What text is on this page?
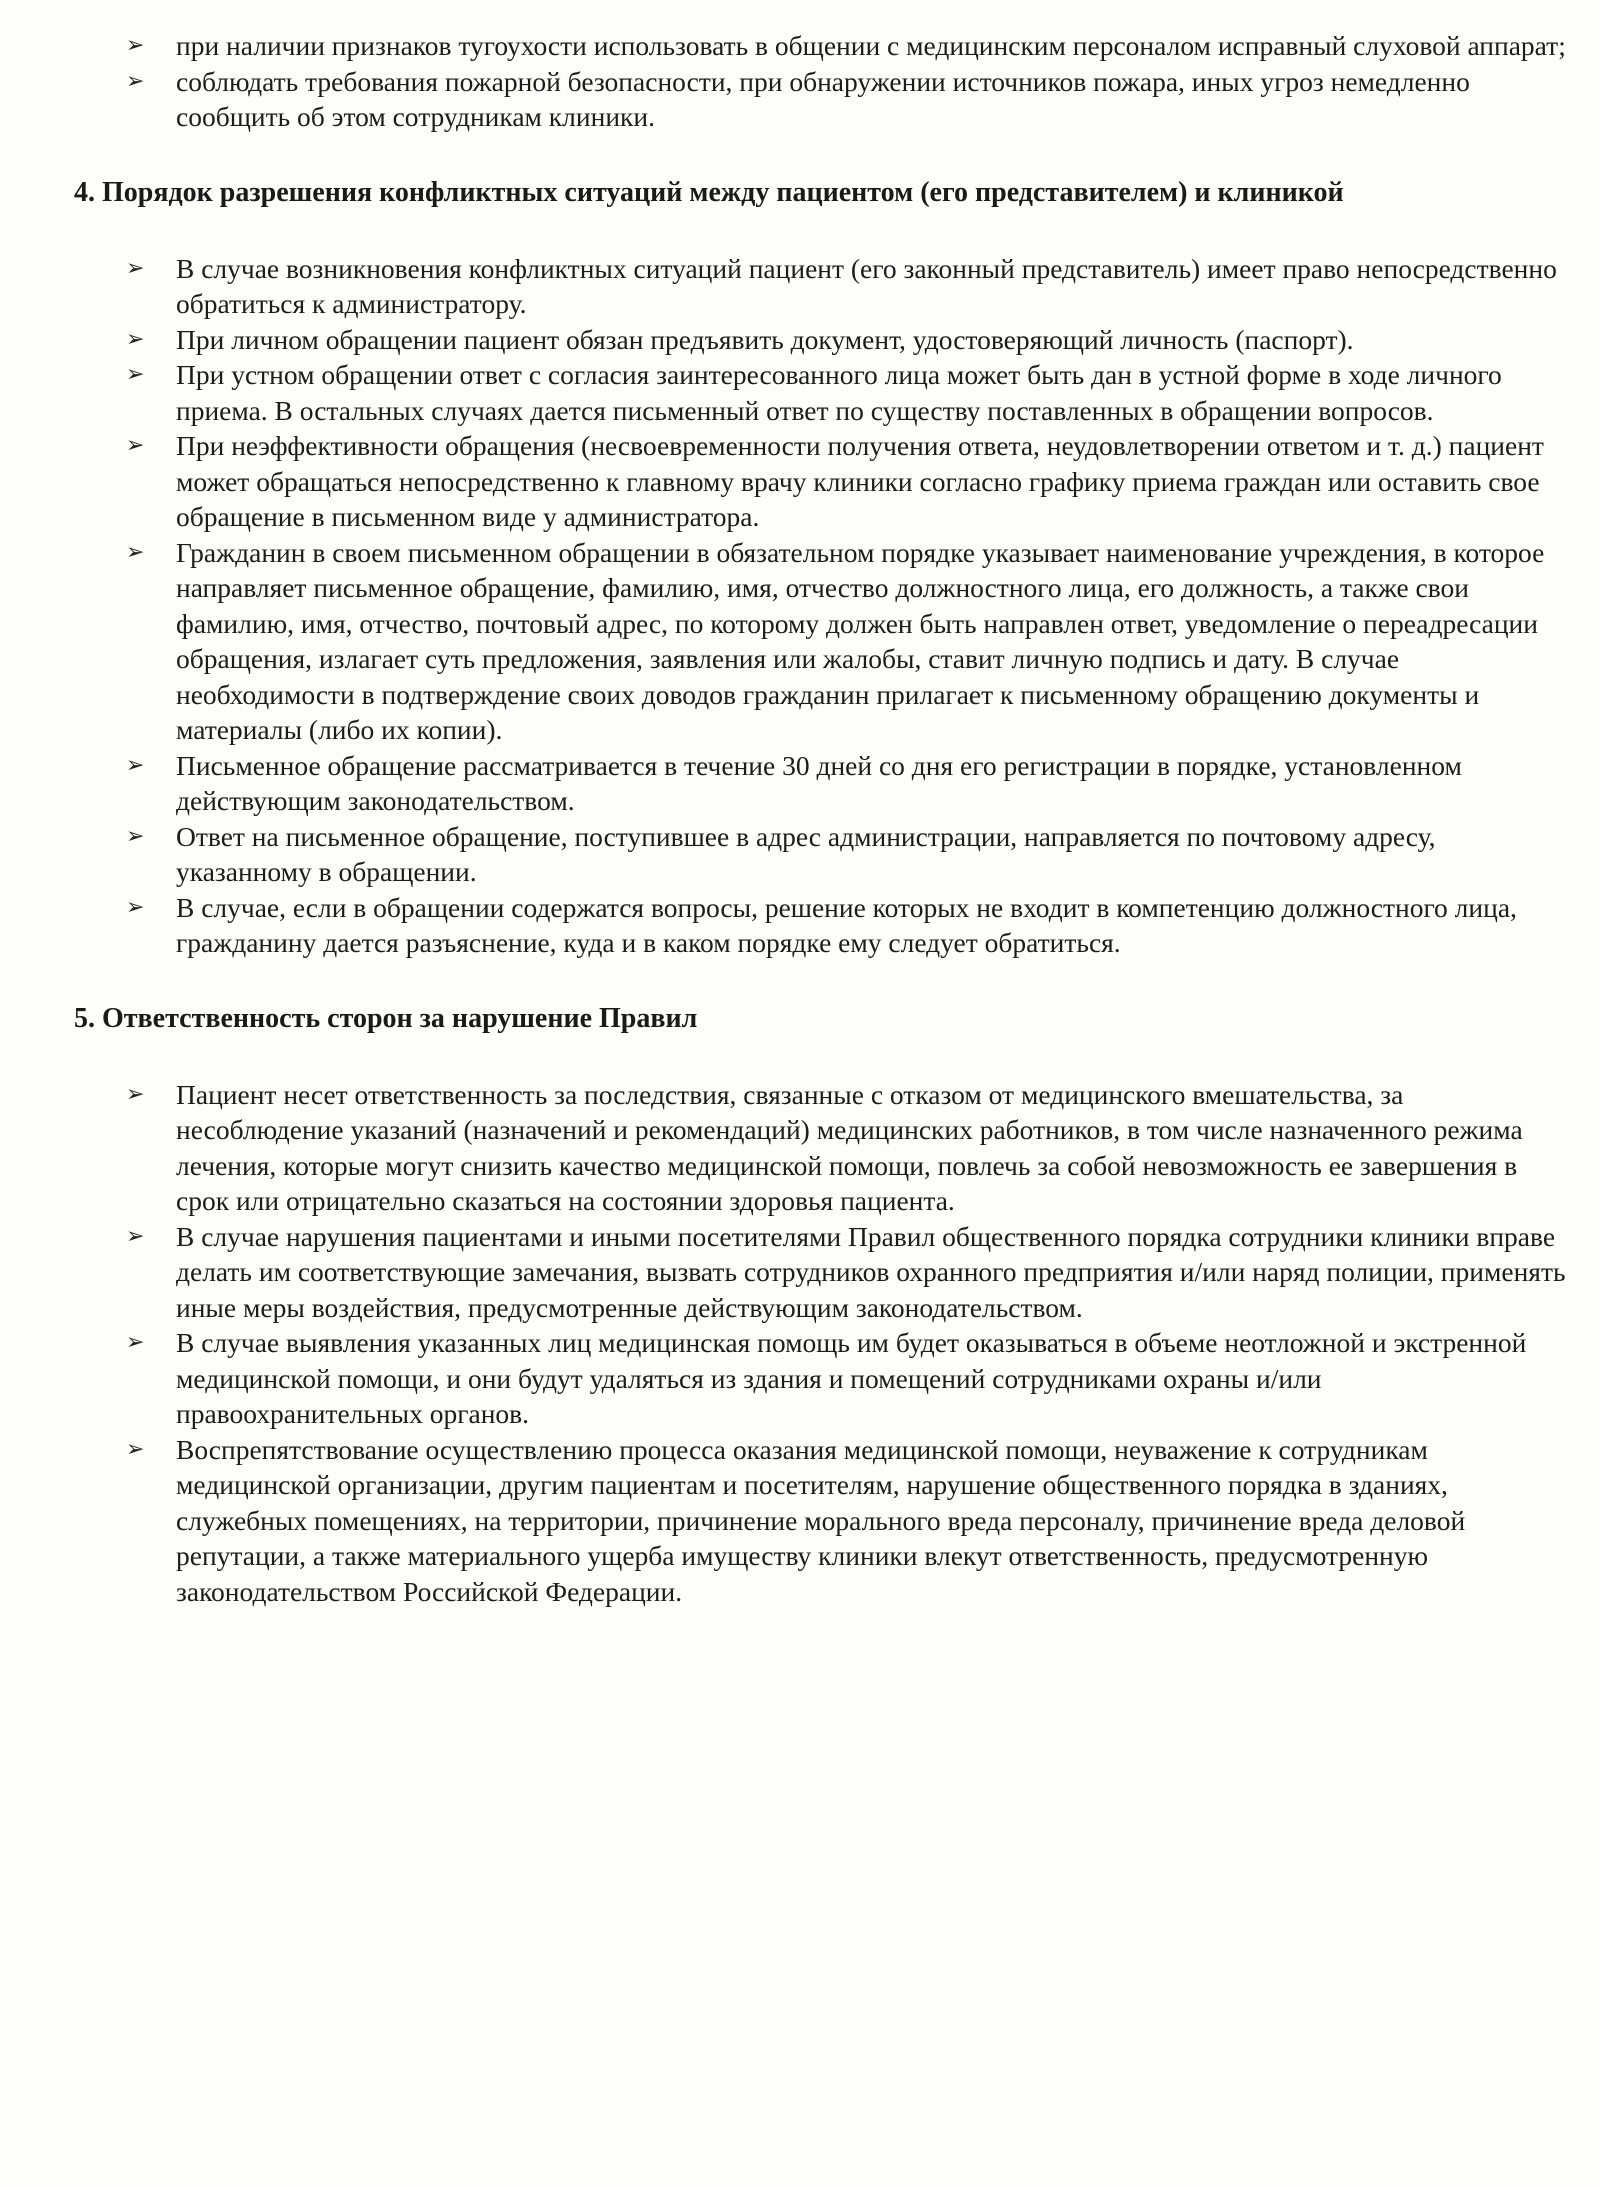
➢ при наличии признаков тугоухости использовать в общении с медицинским персоналом исправный слуховой аппарат;
➢ соблюдать требования пожарной безопасности, при обнаружении источников пожара, иных угроз немедленно сообщить об этом сотрудникам клиники.
4. Порядок разрешения конфликтных ситуаций между пациентом (его представителем) и клиникой
➢ В случае возникновения конфликтных ситуаций пациент (его законный представитель) имеет право непосредственно обратиться к администратору.
➢ При личном обращении пациент обязан предъявить документ, удостоверяющий личность (паспорт).
➢ При устном обращении ответ с согласия заинтересованного лица может быть дан в устной форме в ходе личного приема. В остальных случаях дается письменный ответ по существу поставленных в обращении вопросов.
➢ При неэффективности обращения (несвоевременности получения ответа, неудовлетворении ответом и т. д.) пациент может обращаться непосредственно к главному врачу клиники согласно графику приема граждан или оставить свое обращение в письменном виде у администратора.
➢ Гражданин в своем письменном обращении в обязательном порядке указывает наименование учреждения, в которое направляет письменное обращение, фамилию, имя, отчество должностного лица, его должность, а также свои фамилию, имя, отчество, почтовый адрес, по которому должен быть направлен ответ, уведомление о переадресации обращения, излагает суть предложения, заявления или жалобы, ставит личную подпись и дату. В случае необходимости в подтверждение своих доводов гражданин прилагает к письменному обращению документы и материалы (либо их копии).
➢ Письменное обращение рассматривается в течение 30 дней со дня его регистрации в порядке, установленном действующим законодательством.
➢ Ответ на письменное обращение, поступившее в адрес администрации, направляется по почтовому адресу, указанному в обращении.
➢ В случае, если в обращении содержатся вопросы, решение которых не входит в компетенцию должностного лица, гражданину дается разъяснение, куда и в каком порядке ему следует обратиться.
5. Ответственность сторон за нарушение Правил
➢ Пациент несет ответственность за последствия, связанные с отказом от медицинского вмешательства, за несоблюдение указаний (назначений и рекомендаций) медицинских работников, в том числе назначенного режима лечения, которые могут снизить качество медицинской помощи, повлечь за собой невозможность ее завершения в срок или отрицательно сказаться на состоянии здоровья пациента.
➢ В случае нарушения пациентами и иными посетителями Правил общественного порядка сотрудники клиники вправе делать им соответствующие замечания, вызвать сотрудников охранного предприятия и/или наряд полиции, применять иные меры воздействия, предусмотренные действующим законодательством.
➢ В случае выявления указанных лиц медицинская помощь им будет оказываться в объеме неотложной и экстренной медицинской помощи, и они будут удаляться из здания и помещений сотрудниками охраны и/или правоохранительных органов.
➢ Воспрепятствование осуществлению процесса оказания медицинской помощи, неуважение к сотрудникам медицинской организации, другим пациентам и посетителям, нарушение общественного порядка в зданиях, служебных помещениях, на территории, причинение морального вреда персоналу, причинение вреда деловой репутации, а также материального ущерба имуществу клиники влекут ответственность, предусмотренную законодательством Российской Федерации.
